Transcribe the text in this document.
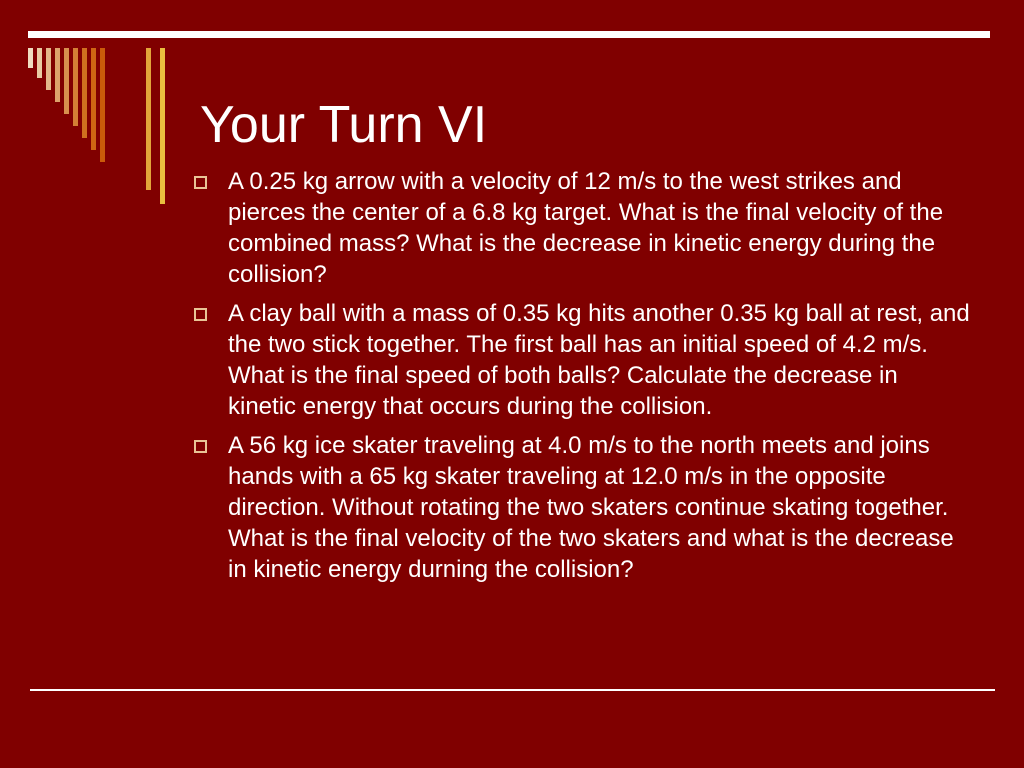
Your Turn VI
A 0.25 kg arrow with a velocity of 12 m/s to the west strikes and pierces the center of a 6.8 kg target. What is the final velocity of the combined mass? What is the decrease in kinetic energy during the collision?
A clay ball with a mass of 0.35 kg hits another 0.35 kg ball at rest, and the two stick together. The first ball has an initial speed of 4.2 m/s. What is the final speed of both balls? Calculate the decrease in kinetic energy that occurs during the collision.
A 56 kg ice skater traveling at 4.0 m/s to the north meets and joins hands with a 65 kg skater traveling at 12.0 m/s in the opposite direction. Without rotating the two skaters continue skating together. What is the final velocity of the two skaters and what is the decrease in kinetic energy durning the collision?
